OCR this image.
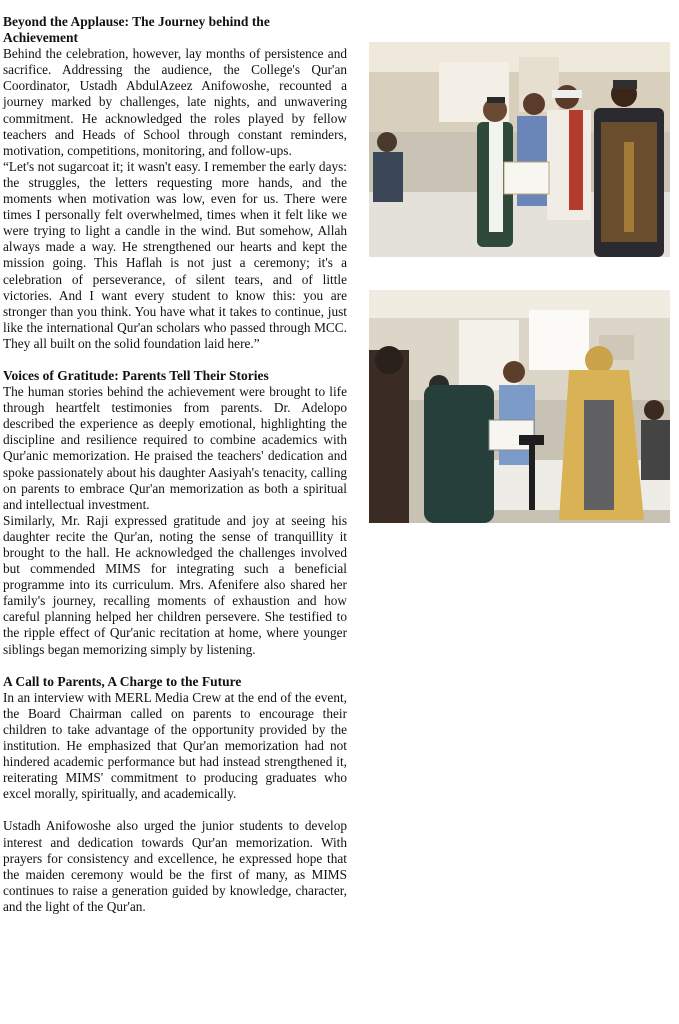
Beyond the Applause: The Journey behind the Achievement

Behind the celebration, however, lay months of persistence and sacrifice. Addressing the audience, the College's Qur'an Coordinator, Ustadh AbdulAzeez Anifowoshe, recounted a journey marked by challenges, late nights, and unwavering commitment. He acknowledged the roles played by fellow teachers and Heads of School through constant reminders, motivation, competitions, monitoring, and follow-ups.

“Let's not sugarcoat it; it wasn't easy. I remember the early days: the struggles, the letters requesting more hands, and the moments when motivation was low, even for us. There were times I personally felt overwhelmed, times when it felt like we were trying to light a candle in the wind. But somehow, Allah always made a way. He strengthened our hearts and kept the mission going. This Haflah is not just a ceremony; it's a celebration of perseverance, of silent tears, and of little victories. And I want every student to know this: you are stronger than you think. You have what it takes to continue, just like the international Qur'an scholars who passed through MCC. They all built on the solid foundation laid here.”

Voices of Gratitude: Parents Tell Their Stories

The human stories behind the achievement were brought to life through heartfelt testimonies from parents. Dr. Adelopo described the experience as deeply emotional, highlighting the discipline and resilience required to combine academics with Qur'anic memorization. He praised the teachers' dedication and spoke passionately about his daughter Aasiyah's tenacity, calling on parents to embrace Qur'an memorization as both a spiritual and intellectual investment.

Similarly, Mr. Raji expressed gratitude and joy at seeing his daughter recite the Qur'an, noting the sense of tranquillity it brought to the hall. He acknowledged the challenges involved but commended MIMS for integrating such a beneficial programme into its curriculum. Mrs. Afenifere also shared her family's journey, recalling moments of exhaustion and how careful planning helped her children persevere. She testified to the ripple effect of Qur'anic recitation at home, where younger siblings began memorizing simply by listening.

A Call to Parents, A Charge to the Future

In an interview with MERL Media Crew at the end of the event, the Board Chairman called on parents to encourage their children to take advantage of the opportunity provided by the institution. He emphasized that Qur'an memorization had not hindered academic performance but had instead strengthened it, reiterating MIMS' commitment to producing graduates who excel morally, spiritually, and academically.

Ustadh Anifowoshe also urged the junior students to develop interest and dedication towards Qur'an memorization. With prayers for consistency and excellence, he expressed hope that the maiden ceremony would be the first of many, as MIMS continues to raise a generation guided by knowledge, character, and the light of the Qur'an.
